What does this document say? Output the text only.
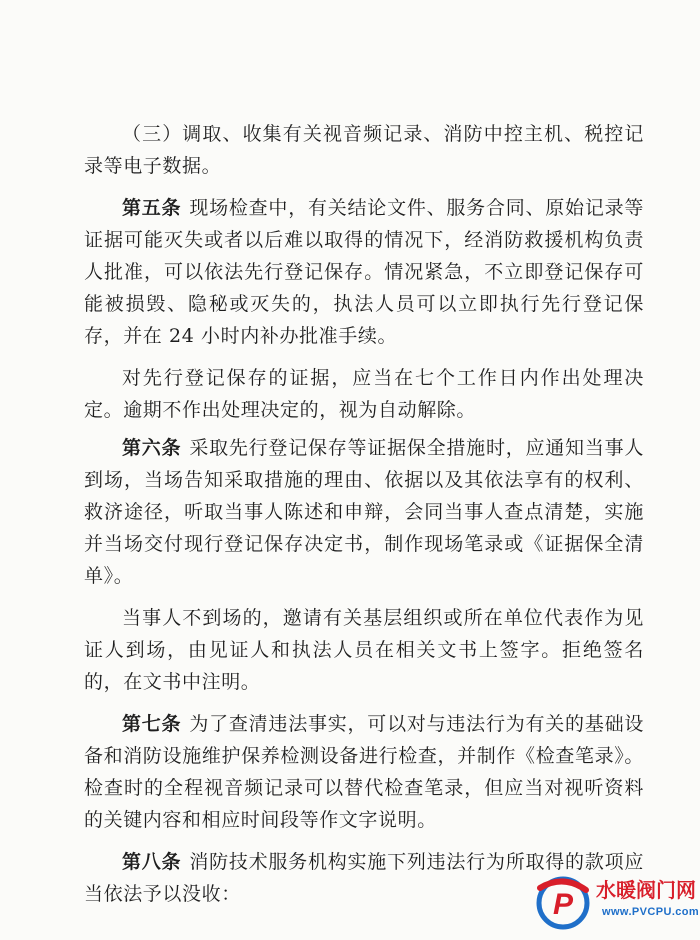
（三）调取、收集有关视音频记录、消防中控主机、税控记录等电子数据。

第五条 现场检查中，有关结论文件、服务合同、原始记录等证据可能灭失或者以后难以取得的情况下，经消防救援机构负责人批准，可以依法先行登记保存。情况紧急，不立即登记保存可能被损毁、隐秘或灭失的，执法人员可以立即执行先行登记保存，并在 24 小时内补办批准手续。

对先行登记保存的证据，应当在七个工作日内作出处理决定。逾期不作出处理决定的，视为自动解除。

第六条 采取先行登记保存等证据保全措施时，应通知当事人到场，当场告知采取措施的理由、依据以及其依法享有的权利、救济途径，听取当事人陈述和申辩，会同当事人查点清楚，实施并当场交付现行登记保存决定书，制作现场笔录或《证据保全清单》。

当事人不到场的，邀请有关基层组织或所在单位代表作为见证人到场，由见证人和执法人员在相关文书上签字。拒绝签名的，在文书中注明。

第七条 为了查清违法事实，可以对与违法行为有关的基础设备和消防设施维护保养检测设备进行检查，并制作《检查笔录》。检查时的全程视音频记录可以替代检查笔录，但应当对视听资料的关键内容和相应时间段等作文字说明。

第八条 消防技术服务机构实施下列违法行为所取得的款项应当依法予以没收：	P 水暖阀门网
www.PVCPU.com
